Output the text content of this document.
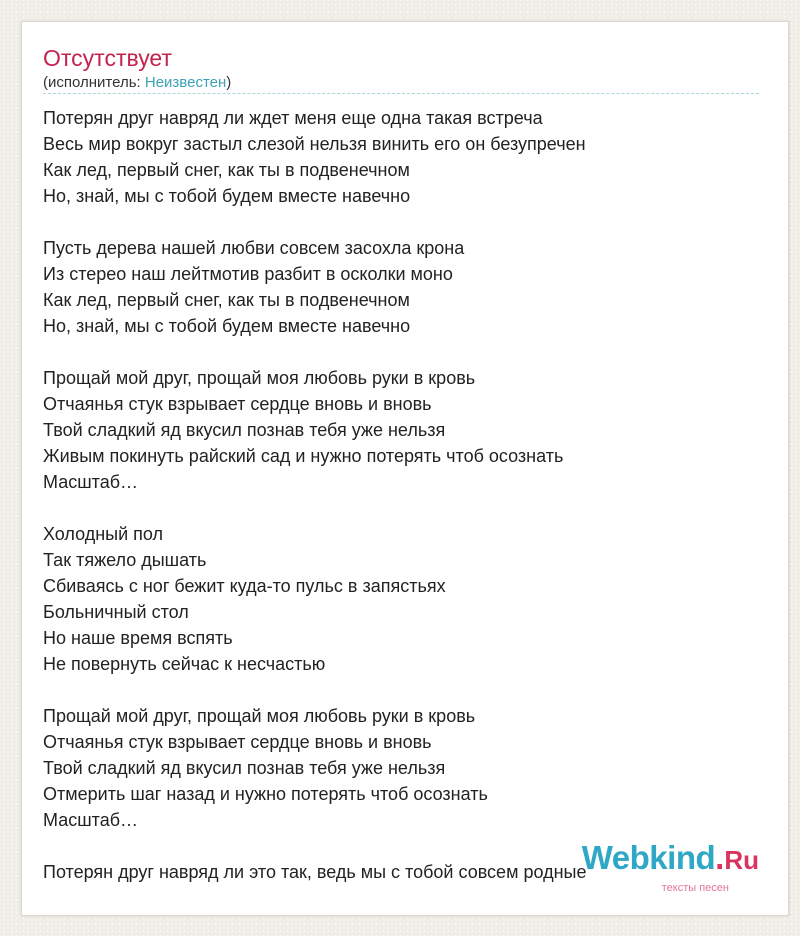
Отсутствует
(исполнитель: Неизвестен)
Потерян друг навряд ли ждет меня еще одна такая встреча
Весь мир вокруг застыл слезой нельзя винить его он безупречен
Как лед, первый снег, как ты в подвенечном
Но, знай, мы с тобой будем вместе навечно
Пусть дерева нашей любви совсем засохла крона
Из стерео наш лейтмотив разбит в осколки моно
Как лед, первый снег, как ты в подвенечном
Но, знай, мы с тобой будем вместе навечно
Прощай мой друг, прощай моя любовь руки в кровь
Отчаянья стук взрывает сердце вновь и вновь
Твой сладкий яд вкусил познав тебя уже нельзя
Живым покинуть райский сад и нужно потерять чтоб осознать
Масштаб…
Холодный пол
Так тяжело дышать
Сбиваясь с ног бежит куда-то пульс в запястьях
Больничный стол
Но наше время вспять
Не повернуть сейчас к несчастью
Прощай мой друг, прощай моя любовь руки в кровь
Отчаянья стук взрывает сердце вновь и вновь
Твой сладкий яд вкусил познав тебя уже нельзя
Отмерить шаг назад и нужно потерять чтоб осознать
Масштаб…
Потерян друг навряд ли это так, ведь мы с тобой совсем родные
Webkind.Ru
тексты песен
